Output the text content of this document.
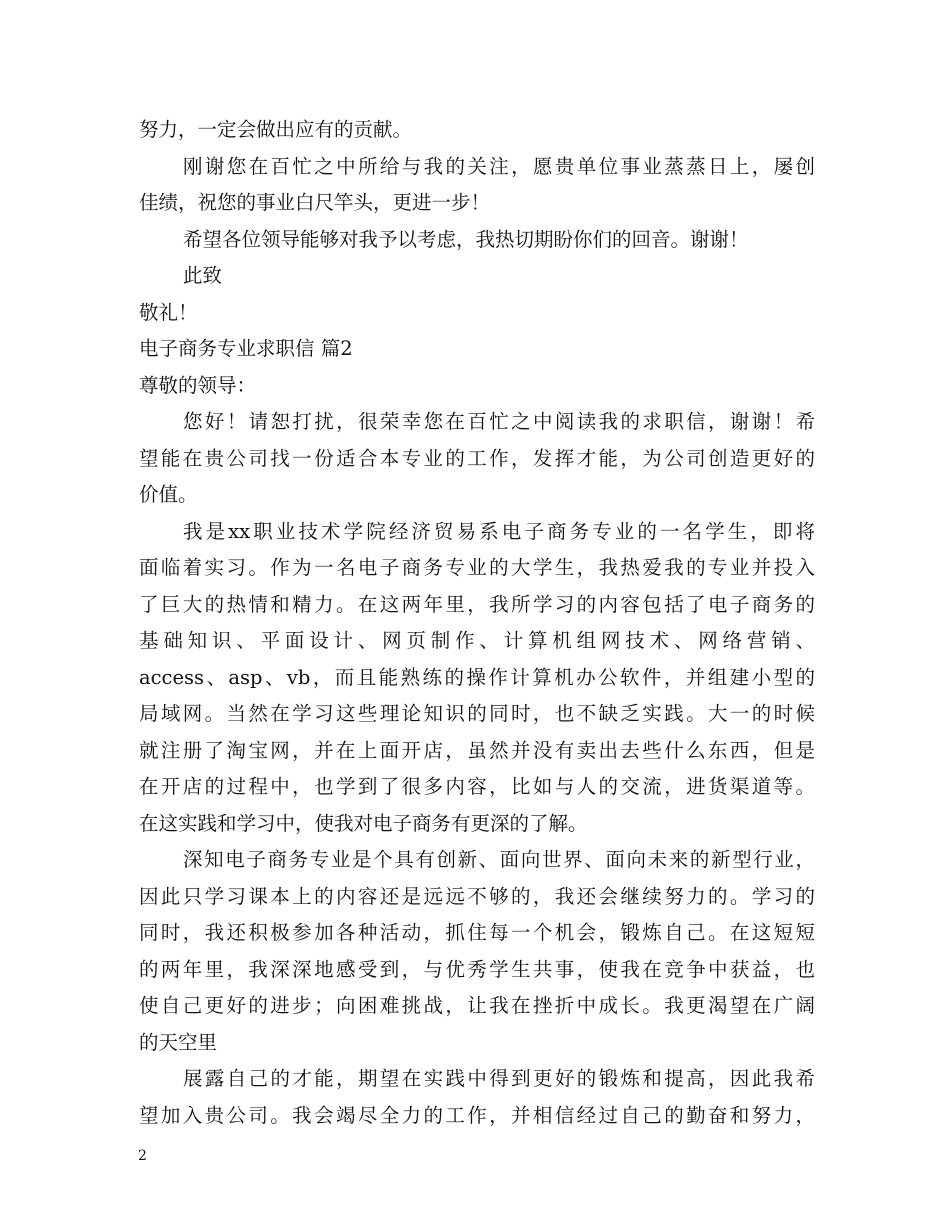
努力，一定会做出应有的贡献。
刚谢您在百忙之中所给与我的关注，愿贵单位事业蒸蒸日上，屡创
佳绩，祝您的事业白尺竿头，更进一步！
希望各位领导能够对我予以考虑，我热切期盼你们的回音。谢谢！
此致
敬礼！
电子商务专业求职信 篇2
尊敬的领导：
您好！请恕打扰，很荣幸您在百忙之中阅读我的求职信，谢谢！希
望能在贵公司找一份适合本专业的工作，发挥才能，为公司创造更好的
价值。
我是xx职业技术学院经济贸易系电子商务专业的一名学生，即将
面临着实习。作为一名电子商务专业的大学生，我热爱我的专业并投入
了巨大的热情和精力。在这两年里，我所学习的内容包括了电子商务的
基础知识、平面设计、网页制作、计算机组网技术、网络营销、
access、asp、vb，而且能熟练的操作计算机办公软件，并组建小型的
局域网。当然在学习这些理论知识的同时，也不缺乏实践。大一的时候
就注册了淘宝网，并在上面开店，虽然并没有卖出去些什么东西，但是
在开店的过程中，也学到了很多内容，比如与人的交流，进货渠道等。
在这实践和学习中，使我对电子商务有更深的了解。
深知电子商务专业是个具有创新、面向世界、面向未来的新型行业，
因此只学习课本上的内容还是远远不够的，我还会继续努力的。学习的
同时，我还积极参加各种活动，抓住每一个机会，锻炼自己。在这短短
的两年里，我深深地感受到，与优秀学生共事，使我在竞争中获益，也
使自己更好的进步；向困难挑战，让我在挫折中成长。我更渴望在广阔
的天空里
展露自己的才能，期望在实践中得到更好的锻炼和提高，因此我希
望加入贵公司。我会竭尽全力的工作，并相信经过自己的勤奋和努力，
2
